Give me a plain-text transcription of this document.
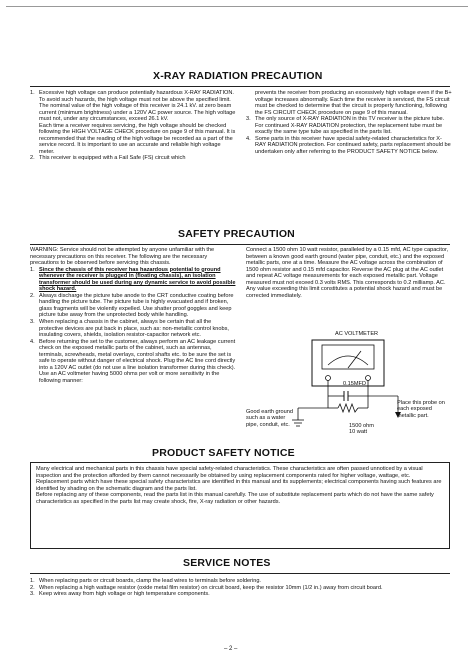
X-RAY RADIATION PRECAUTION
1. Excessive high voltage can produce potentially hazardous X-RAY RADIATION. To avoid such hazards, the high voltage must not be above the specified limit. The nominal value of the high voltage of this receiver is 24.1 kV. at zero beam current (minimum brightness) under a 120V AC power source. The high voltage must not, under any circumstances, exceed 26.1 kV.

Each time a receiver requires servicing, the high voltage should be checked following the HIGH VOLTAGE CHECK procedure on page 9 of this manual. It is recommended that the reading of the high voltage be recorded as a part of the service record. It is important to use an accurate and reliable high voltage meter.

2. This receiver is equipped with a Fail Safe (FS) circuit which

prevents the receiver from producing an excessively high voltage even if the B+ voltage increases abnormally. Each time the receiver is serviced, the FS circuit must be checked to determine that the circuit is properly functioning, following the FS CIRCUIT CHECK procedure on page 9 of this manual.

3. The only source of X-RAY RADIATION in this TV receiver is the picture tube. For continued X-RAY RADIATION protection, the replacement tube must be exactly the same type tube as specified in the parts list.

4. Some parts in this receiver have special safety-related characteristics for X-RAY RADIATION protection. For continued safety, parts replacement should be undertaken only after referring to the PRODUCT SAFETY NOTICE below.

SAFETY PRECAUTION

WARNING: Service should not be attempted by anyone unfamiliar with the necessary precautions on this receiver. The following are the necessary precautions to be observed before servicing this chassis.

1. Since the chassis of this receiver has hazardous potential to ground whenever the receiver is plugged in (floating chassis), an isolation transformer should be used during any dynamic service to avoid possible shock hazard.

2. Always discharge the picture tube anode to the CRT conductive coating before handling the picture tube. The picture tube is highly evacuated and if broken, glass fragments will be violently expelled. Use shatter proof goggles and keep picture tube away from the unprotected body while handling.

3. When replacing a chassis in the cabinet, always be certain that all the protective devices are put back in place, such as: non-metallic control knobs, insulating covers, shields, isolation resistor-capacitor network etc.

4. Before returning the set to the customer, always perform an AC leakage current check on the exposed metallic parts of the cabinet, such as antennas, terminals, screwheads, metal overlays, control shafts etc. to be sure the set is safe to operate without danger of electrical shock. Plug the AC line cord directly into a 120V AC outlet (do not use a line isolation transformer during this check). Use an AC voltmeter having 5000 ohms per volt or more sensitivity in the following manner:

Connect a 1500 ohm 10 watt resistor, paralleled by a 0.15 mfd, AC type capacitor, between a known good earth ground (water pipe, conduit, etc.) and the exposed metallic parts, one at a time. Measure the AC voltage across the combination of 1500 ohm resistor and 0.15 mfd capacitor. Reverse the AC plug at the AC outlet and repeat AC voltage measurements for each exposed metallic part. Voltage measured must not exceed 0.3 volts RMS. This corresponds to 0.2 milliamp. AC. Any value exceeding this limit constitutes a potential shock hazard and must be corrected immediately.

AC VOLTMETER
0.15MFD
Place this probe on
each exposed
metallic part.
Good earth ground
such as a water
pipe, conduit, etc.	1500 ohm
10 watt
PRODUCT SAFETY NOTICE

Many electrical and mechanical parts in this chassis have special safety-related characteristics. These characteristics are often passed unnoticed by a visual inspection and the protection afforded by them cannot necessarily be obtained by using replacement components rated for higher voltage, wattage, etc. Replacement parts which have these special safety characteristics are identified in this manual and its supplements; electrical components having such features are identified by shading on the schematic diagram and the parts list.

Before replacing any of these components, read the parts list in this manual carefully. The use of substitute replacement parts which do not have the same safety characteristics as specified in the parts list may create shock, fire, X-ray radiation or other hazards.

SERVICE NOTES
1. When replacing parts or circuit boards, clamp the lead wires to terminals before soldering.

2. When replacing a high wattage resistor (oxide metal film resistor) on circuit board, keep the resistor 10mm (1/2 in.) away from circuit board.

3. Keep wires away from high voltage or high temperature components.

– 2 –
